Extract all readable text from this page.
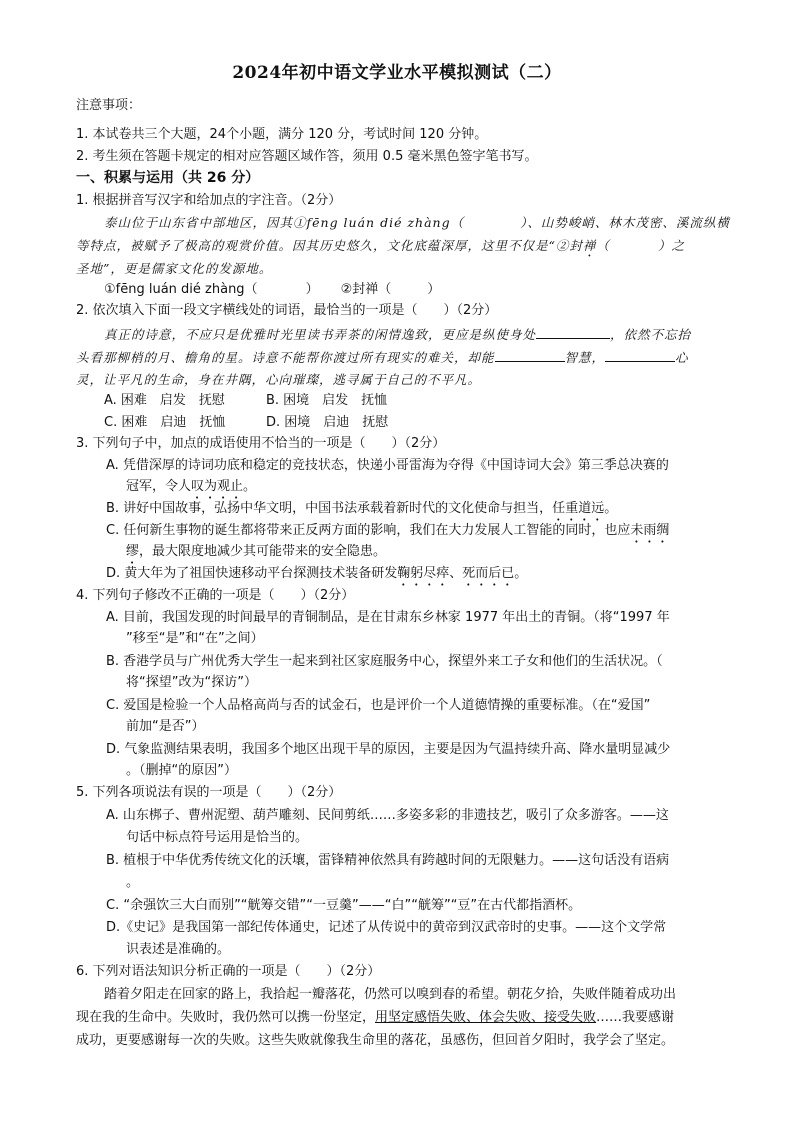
2024年初中语文学业水平模拟测试（二）
注意事项：
1. 本试卷共三个大题，24个小题，满分 120 分，考试时间 120 分钟。
2. 考生须在答题卡规定的相对应答题区域作答，须用 0.5 毫米黑色签字笔书写。
一、积累与运用（共 26 分）
1. 根据拼音写汉字和给加点的字注音。（2分）
泰山位于山东省中部地区，因其①fēng luán dié zhàng（	）、山势峻峭、林木茂密、溪流纵横
等特点，被赋予了极高的观赏价值。因其历史悠久，文化底蕴深厚，这里不仅是“②封禅（	）之
圣地”，更是儒家文化的发源地。
①fēng luán dié zhàng（	） ②封禅（	）
2. 依次填入下面一段文字横线处的词语，最恰当的一项是（　　）（2分）
真正的诗意，不应只是优雅时光里读书弄茶的闲情逸致，更应是纵使身处	，依然不忘抬
头看那柳梢的月、檐角的星。诗意不能帮你渡过所有现实的难关，却能	智慧，	心
灵，让平凡的生命，身在井隅，心向璀璨，逃寻属于自己的不平凡。
A. 困难　启发　抚慰	B. 困境　启发　抚恤
C. 困难　启迪　抚恤	D. 困境　启迪　抚慰
3. 下列句子中，加点的成语使用不恰当的一项是（　　）（2分）
A. 凭借深厚的诗词功底和稳定的竞技状态，快递小哥雷海为夺得《中国诗词大会》第三季总决赛的
冠军，令人叹为观止。
B. 讲好中国故事，弘扬中华文明，中国书法承载着新时代的文化使命与担当，任重道远。
C. 任何新生事物的诞生都将带来正反两方面的影响，我们在大力发展人工智能的同时，也应未雨绸
缪，最大限度地减少其可能带来的安全隐患。
D. 黄大年为了祖国快速移动平台探测技术装备研发鞠躬尽瘁、死而后已。
4. 下列句子修改不正确的一项是（　　）（2分）
A. 目前，我国发现的时间最早的青铜制品，是在甘肃东乡林家 1977 年出土的青铜。（将“1997 年
”移至“是”和“在”之间）
B. 香港学员与广州优秀大学生一起来到社区家庭服务中心，探望外来工子女和他们的生活状况。（
将“探望”改为“探访”）
C. 爱国是检验一个人品格高尚与否的试金石，也是评价一个人道德情操的重要标准。（在“爱国”
前加“是否”）
D. 气象监测结果表明，我国多个地区出现干旱的原因，主要是因为气温持续升高、降水量明显减少
。（删掉“的原因”）
5. 下列各项说法有误的一项是（　　）（2分）
A. 山东梆子、曹州泥塑、葫芦雕刻、民间剪纸……多姿多彩的非遗技艺，吸引了众多游客。——这
句话中标点符号运用是恰当的。
B. 植根于中华优秀传统文化的沃壤，雷锋精神依然具有跨越时间的无限魅力。——这句话没有语病
。
C. “余强饮三大白而别”“觥筹交错”“一豆羹”——“白”“觥筹”“豆”在古代都指酒杯。
D.《史记》是我国第一部纪传体通史，记述了从传说中的黄帝到汉武帝时的史事。——这个文学常
识表述是准确的。
6. 下列对语法知识分析正确的一项是（　　）（2分）
踏着夕阳走在回家的路上，我拾起一瓣落花，仍然可以嗅到春的希望。朝花夕拾，失败伴随着成功出
现在我的生命中。失败时，我仍然可以携一份坚定，用坚定感悟失败、体会失败、接受失败……我要感谢
成功，更要感谢每一次的失败。这些失败就像我生命里的落花，虽感伤，但回首夕阳时，我学会了坚定。
